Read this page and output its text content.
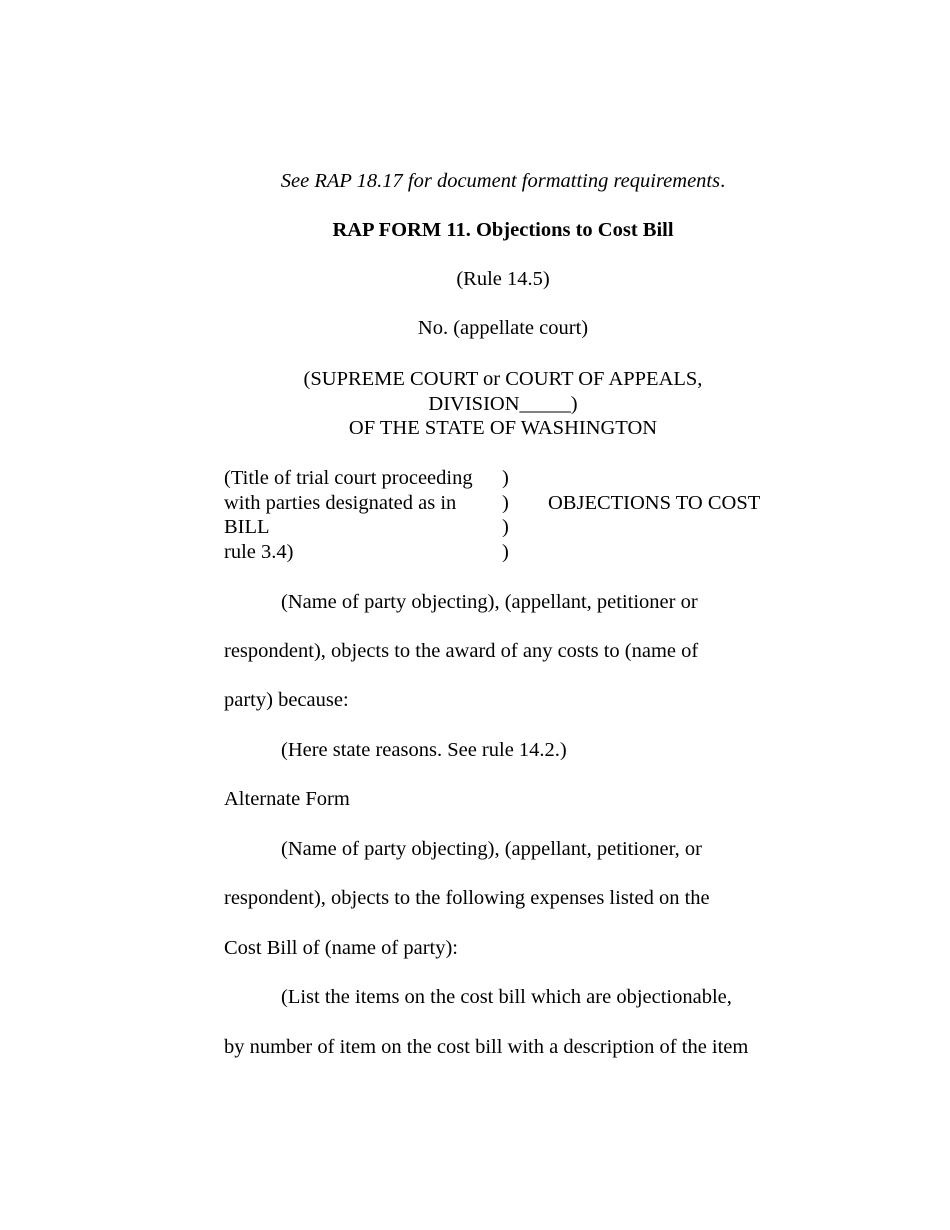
See RAP 18.17 for document formatting requirements.
RAP FORM 11. Objections to Cost Bill
(Rule 14.5)
No. (appellate court)
(SUPREME COURT or COURT OF APPEALS,
DIVISION_____)
OF THE STATE OF WASHINGTON
(Title of trial court proceeding
with parties designated as in
BILL
rule 3.4)
)
)
)
)
OBJECTIONS TO COST
(Name of party objecting), (appellant, petitioner or
respondent), objects to the award of any costs to (name of
party) because:
(Here state reasons. See rule 14.2.)
Alternate Form
(Name of party objecting), (appellant, petitioner, or
respondent), objects to the following expenses listed on the
Cost Bill of (name of party):
(List the items on the cost bill which are objectionable,
by number of item on the cost bill with a description of the item
